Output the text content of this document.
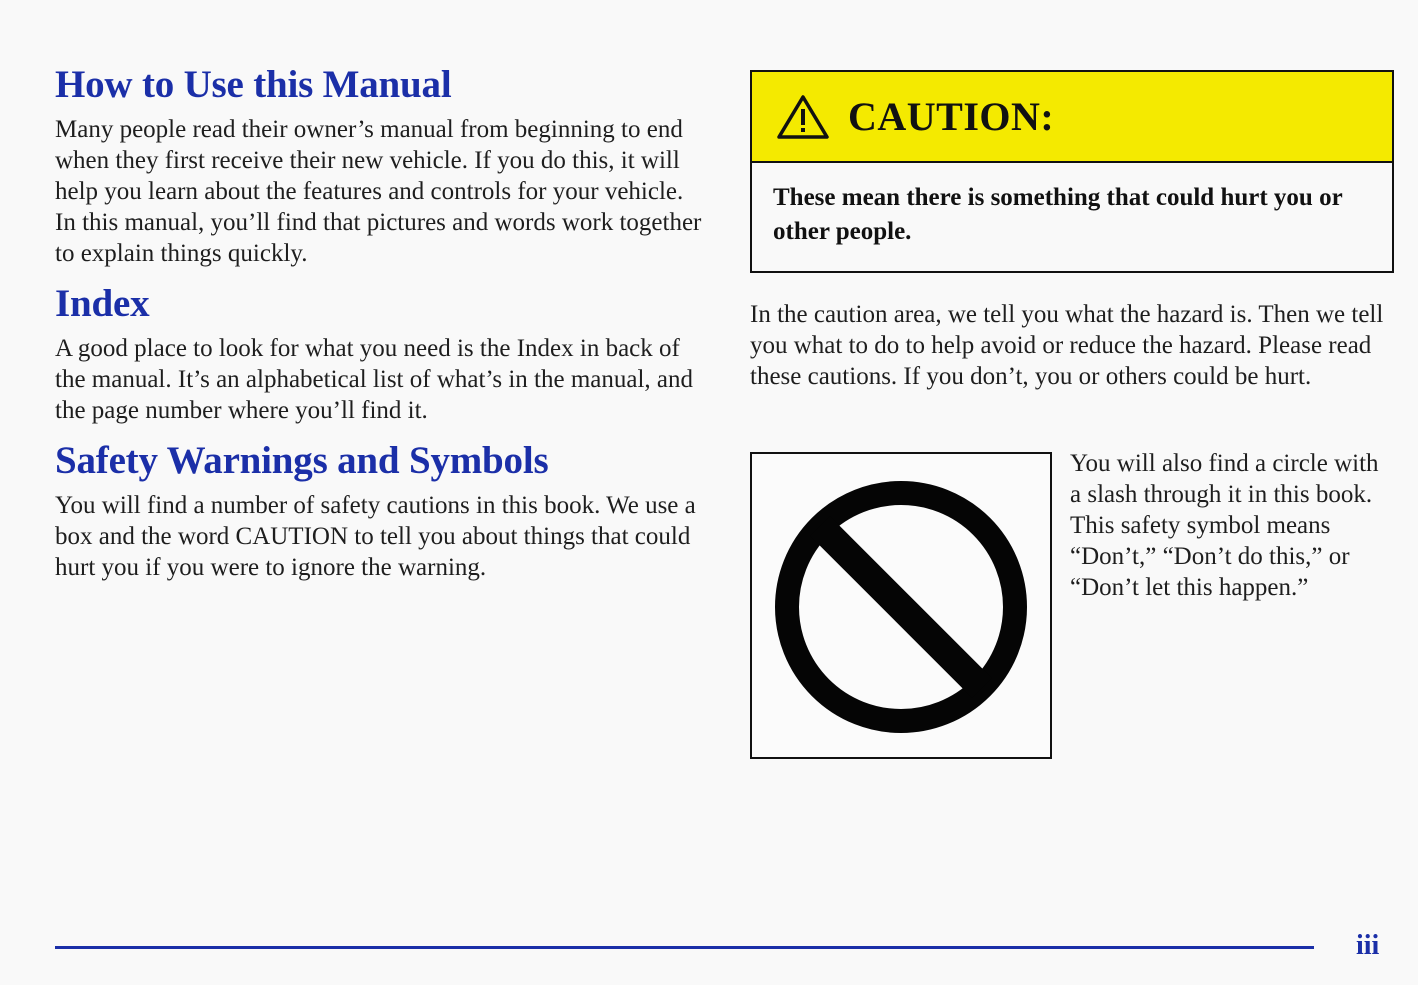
How to Use this Manual

Many people read their owner’s manual from beginning to end when they first receive their new vehicle. If you do this, it will help you learn about the features and controls for your vehicle. In this manual, you’ll find that pictures and words work together to explain things quickly.

Index

A good place to look for what you need is the Index in back of the manual. It’s an alphabetical list of what’s in the manual, and the page number where you’ll find it.

Safety Warnings and Symbols

You will find a number of safety cautions in this book. We use a box and the word CAUTION to tell you about things that could hurt you if you were to ignore the warning.

CAUTION:
These mean there is something that could hurt you or other people.
In the caution area, we tell you what the hazard is. Then we tell you what to do to help avoid or reduce the hazard. Please read these cautions. If you don’t, you or others could be hurt.
You will also find a circle with a slash through it in this book. This safety symbol means “Don’t,” “Don’t do this,” or “Don’t let this happen.”
iii
